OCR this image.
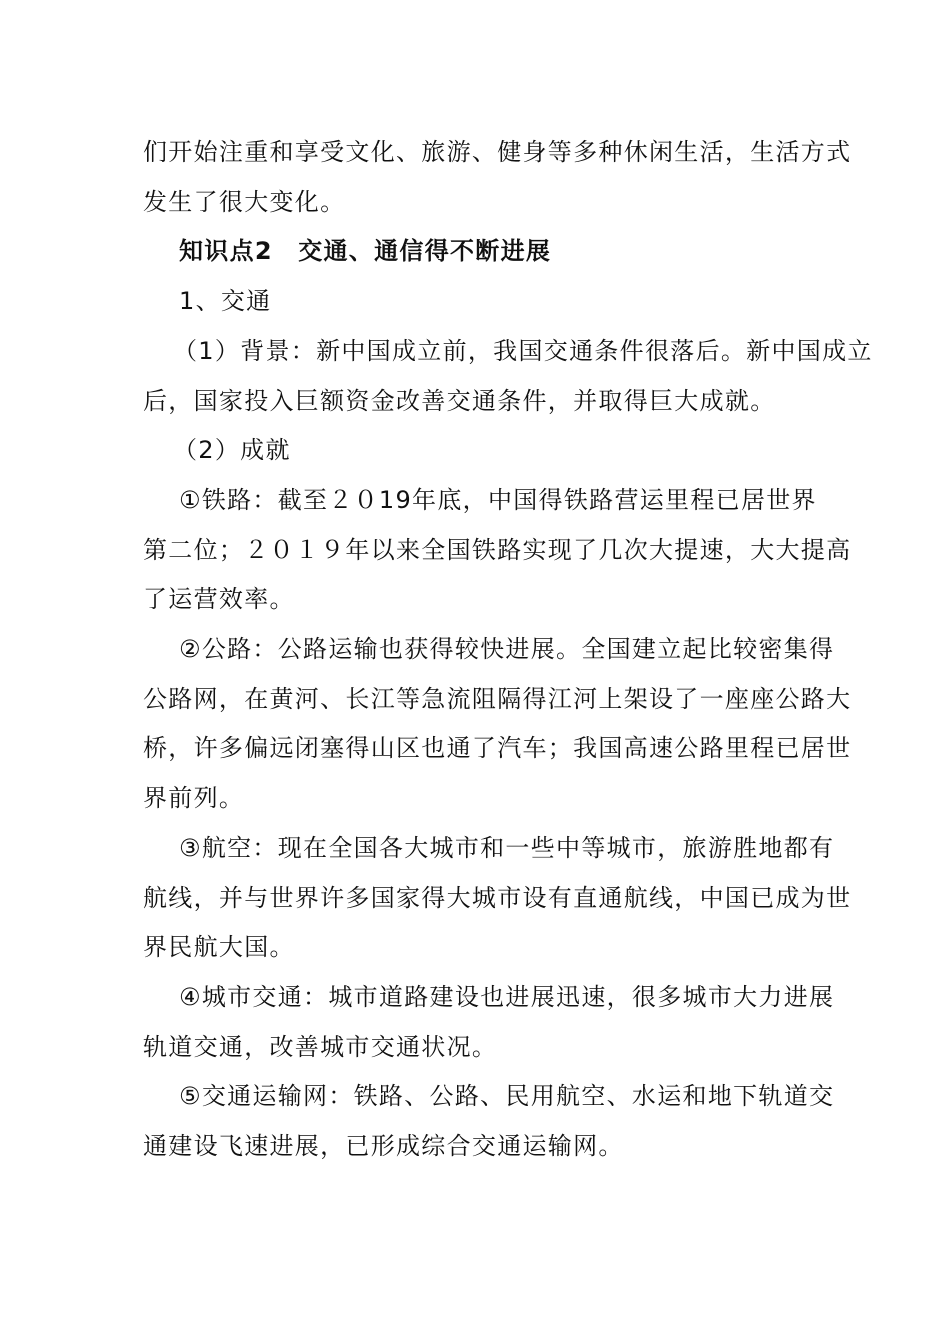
们开始注重和享受文化、旅游、健身等多种休闲生活，生活方式

发生了很大变化。

知识点2　交通、通信得不断进展

1、交通

（1）背景：新中国成立前，我国交通条件很落后。新中国成立

后，国家投入巨额资金改善交通条件，并取得巨大成就。

（2）成就

①铁路：截至２０19年底，中国得铁路营运里程已居世界

第二位；２０１９年以来全国铁路实现了几次大提速，大大提高

了运营效率。

②公路：公路运输也获得较快进展。全国建立起比较密集得

公路网，在黄河、长江等急流阻隔得江河上架设了一座座公路大

桥，许多偏远闭塞得山区也通了汽车；我国高速公路里程已居世

界前列。

③航空：现在全国各大城市和一些中等城市，旅游胜地都有

航线，并与世界许多国家得大城市设有直通航线，中国已成为世

界民航大国。

④城市交通：城市道路建设也进展迅速，很多城市大力进展

轨道交通，改善城市交通状况。

⑤交通运输网：铁路、公路、民用航空、水运和地下轨道交

通建设飞速进展，已形成综合交通运输网。
